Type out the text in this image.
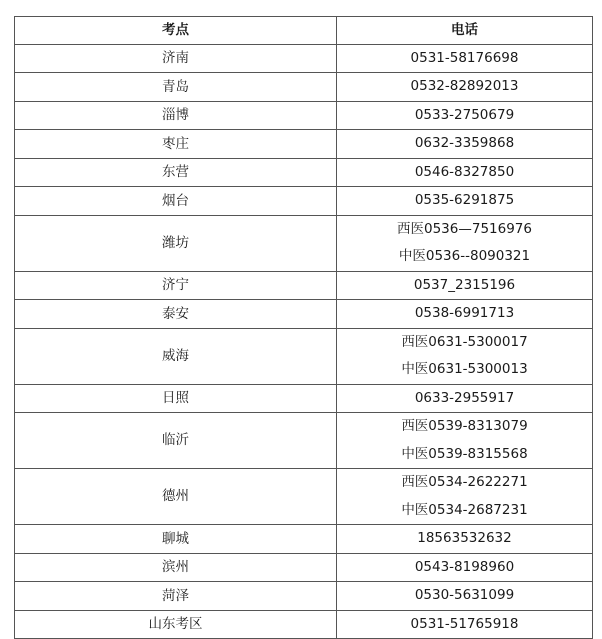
考点	电话
济南	0531-58176698

青岛	0532-82892013

淄博	0533-2750679

枣庄	0632-3359868

东营	0546-8327850

烟台	0535-6291875

潍坊	西医0536—7516976
中医0536--8090321

济宁	0537_2315196

泰安	0538-6991713

威海	西医0631-5300017
中医0631-5300013

日照	0633-2955917

临沂	西医0539-8313079
中医0539-8315568

德州	西医0534-2622271
中医0534-2687231

聊城	18563532632

滨州	0543-8198960

菏泽	0530-5631099

山东考区	0531-51765918
